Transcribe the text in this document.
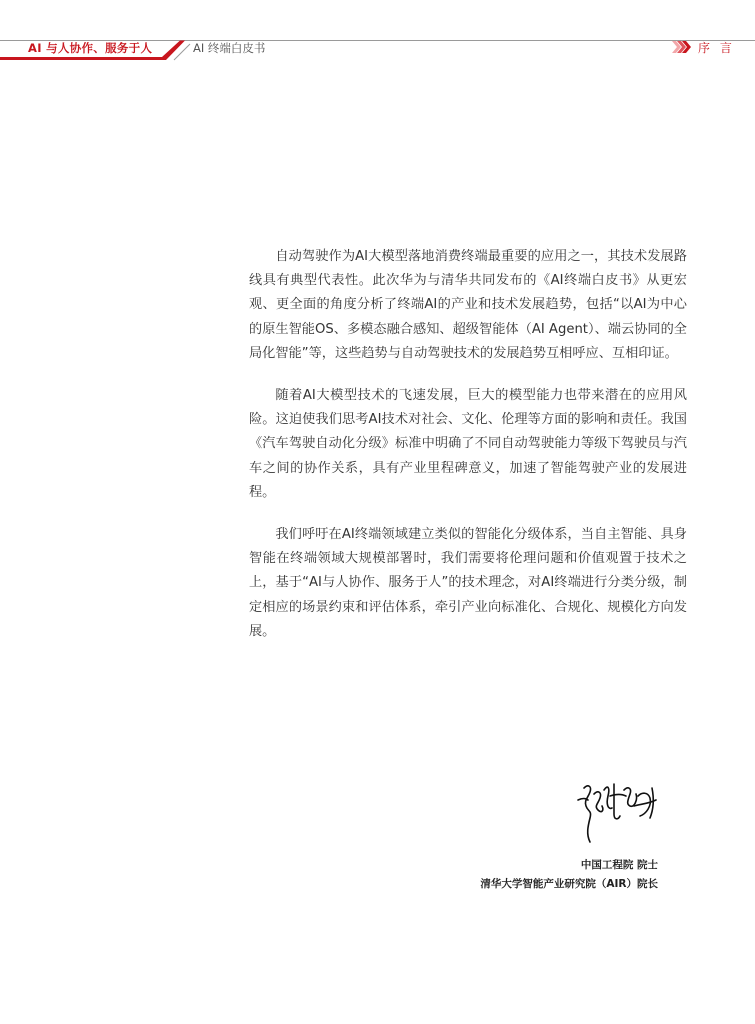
AI 与人协作、服务于人	AI 终端白皮书	序 言

自动驾驶作为AI大模型落地消费终端最重要的应用之一，其技术发展路线具有典型代表性。此次华为与清华共同发布的《AI终端白皮书》从更宏观、更全面的角度分析了终端AI的产业和技术发展趋势，包括“以AI为中心的原生智能OS、多模态融合感知、超级智能体（AI Agent）、端云协同的全局化智能”等，这些趋势与自动驾驶技术的发展趋势互相呼应、互相印证。

随着AI大模型技术的飞速发展，巨大的模型能力也带来潜在的应用风险。这迫使我们思考AI技术对社会、文化、伦理等方面的影响和责任。我国《汽车驾驶自动化分级》标准中明确了不同自动驾驶能力等级下驾驶员与汽车之间的协作关系，具有产业里程碑意义，加速了智能驾驶产业的发展进程。

我们呼吁在AI终端领域建立类似的智能化分级体系，当自主智能、具身智能在终端领域大规模部署时，我们需要将伦理问题和价值观置于技术之上，基于“AI与人协作、服务于人”的技术理念，对AI终端进行分类分级，制定相应的场景约束和评估体系，牵引产业向标准化、合规化、规模化方向发展。

中国工程院 院士
清华大学智能产业研究院（AIR）院长
